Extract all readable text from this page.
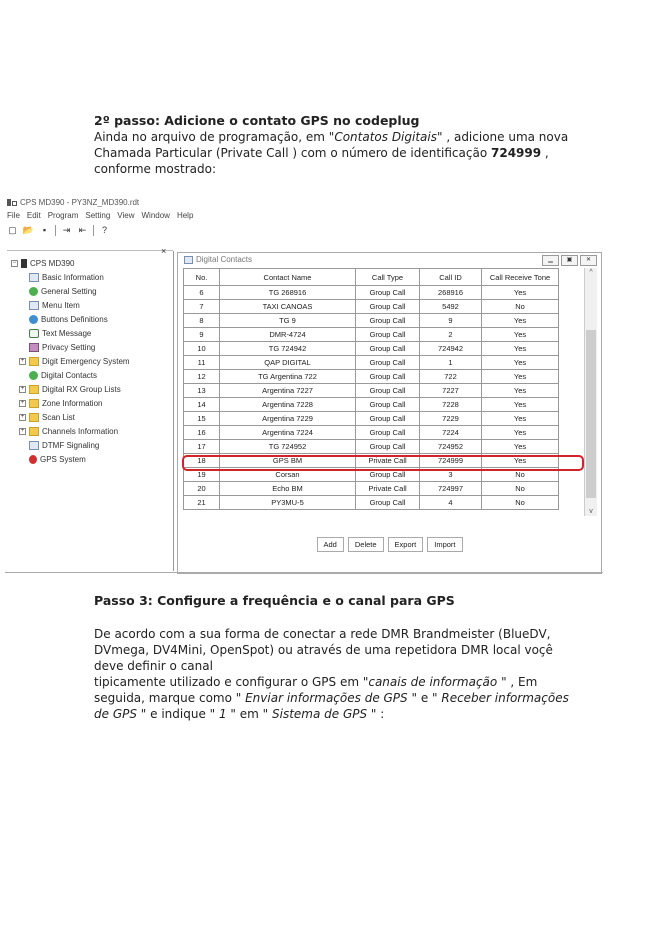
2º passo: Adicione o contato GPS no codeplug
Ainda no arquivo de programação, em "Contatos Digitais" , adicione uma nova
Chamada Particular (Private Call ) com o número de identificação 724999 ,
conforme mostrado:
CPS MD390 - PY3NZ_MD390.rdt
File Edit Program Setting View Window Help
▢ 📂 ▪	⇥ ⇤	?
×
− CPS MD390
Basic Information
General Setting
Menu Item
Buttons Definitions
Text Message
Privacy Setting
+ Digit Emergency System
Digital Contacts
+ Digital RX Group Lists
+ Zone Information
+ Scan List
+ Channels Information
DTMF Signaling
GPS System
Digital Contacts	▁	▣	✕
No.	Contact Name	Call Type	Call ID	Call Receive Tone
6	TG 268916	Group Call	268916	Yes
7	TAXI CANOAS	Group Call	5492	No
8	TG 9	Group Call	9	Yes
9	DMR-4724	Group Call	2	Yes
10	TG 724942	Group Call	724942	Yes
11	QAP DIGITAL	Group Call	1	Yes
12	TG Argentina 722	Group Call	722	Yes
13	Argentina 7227	Group Call	7227	Yes
14	Argentina 7228	Group Call	7228	Yes
15	Argentina 7229	Group Call	7229	Yes
16	Argentina 7224	Group Call	7224	Yes
17	TG 724952	Group Call	724952	Yes
18	GPS BM	Private Call	724999	Yes
19	Corsan	Group Call	3	No
20	Echo BM	Private Call	724997	No
21	PY3MU-5	Group Call	4	No
^
v
Add	Delete	Export	Import
Passo 3: Configure a frequência e o canal para GPS
De acordo com a sua forma de conectar a rede DMR Brandmeister (BlueDV,
DVmega, DV4Mini, OpenSpot) ou através de uma repetidora DMR local voçê
deve definir o canal
tipicamente utilizado e configurar o GPS em "canais de informação " , Em
seguida, marque como " Enviar informações de GPS " e " Receber informações
de GPS " e indique " 1 " em " Sistema de GPS " :
